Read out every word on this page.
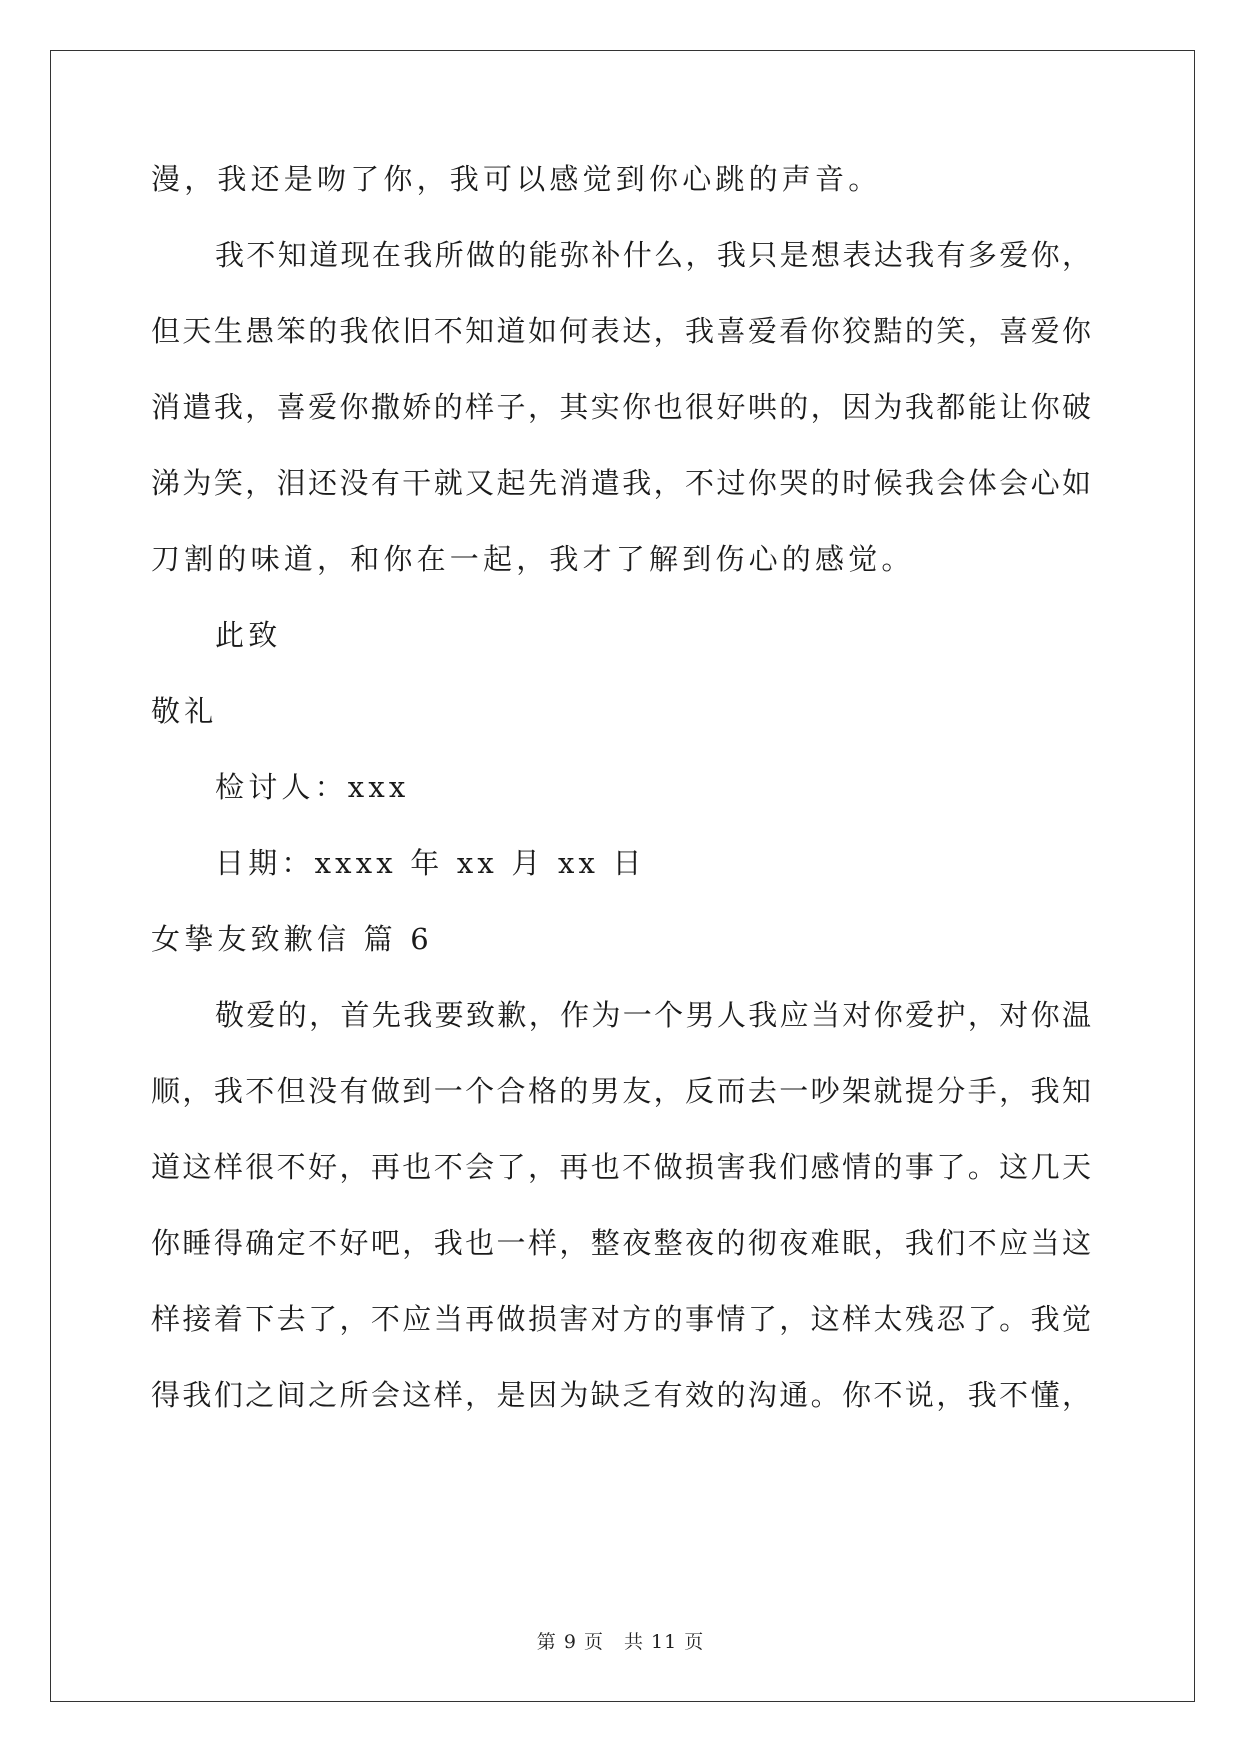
漫，我还是吻了你，我可以感觉到你心跳的声音。
我不知道现在我所做的能弥补什么，我只是想表达我有多爱你，
但天生愚笨的我依旧不知道如何表达，我喜爱看你狡黠的笑，喜爱你
消遣我，喜爱你撒娇的样子，其实你也很好哄的，因为我都能让你破
涕为笑，泪还没有干就又起先消遣我，不过你哭的时候我会体会心如
刀割的味道，和你在一起，我才了解到伤心的感觉。
此致
敬礼
检讨人：xxx
日期：xxxx 年 xx 月 xx 日
女挚友致歉信 篇 6
敬爱的，首先我要致歉，作为一个男人我应当对你爱护，对你温
顺，我不但没有做到一个合格的男友，反而去一吵架就提分手，我知
道这样很不好，再也不会了，再也不做损害我们感情的事了。这几天
你睡得确定不好吧，我也一样，整夜整夜的彻夜难眠，我们不应当这
样接着下去了，不应当再做损害对方的事情了，这样太残忍了。我觉
得我们之间之所会这样，是因为缺乏有效的沟通。你不说，我不懂，
第 9 页　共 11 页
